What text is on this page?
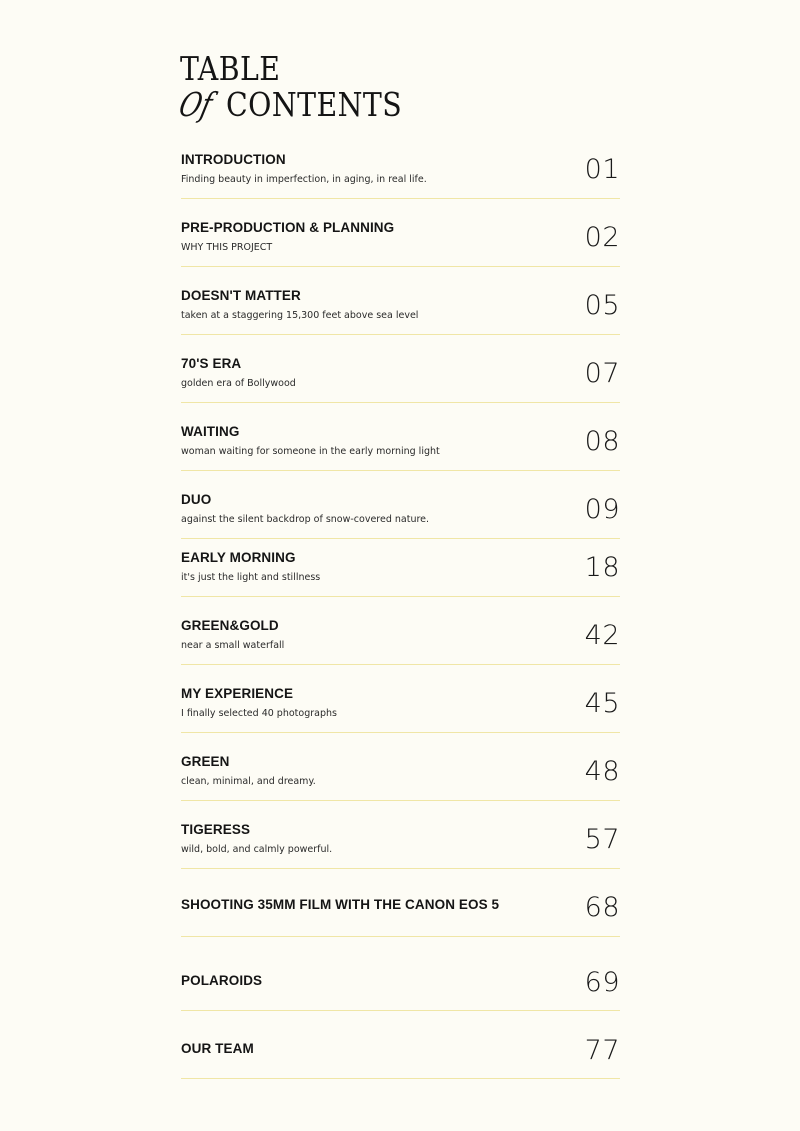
TABLE
Of CONTENTS
INTRODUCTION
Finding beauty in imperfection, in aging, in real life.	01
PRE-PRODUCTION & PLANNING
WHY THIS PROJECT	02
DOESN'T MATTER
taken at a staggering 15,300 feet above sea level	05
70'S ERA
golden era of Bollywood	07
WAITING
woman waiting for someone in the early morning light	08
DUO
against the silent backdrop of snow-covered nature.	09
EARLY MORNING
it's just the light and stillness	18
GREEN&GOLD
near a small waterfall	42
MY EXPERIENCE
I finally selected 40 photographs	45
GREEN
clean, minimal, and dreamy.	48
TIGERESS
wild, bold, and calmly powerful.	57
SHOOTING 35MM FILM WITH THE CANON EOS 5	68
POLAROIDS	69
OUR TEAM	77
